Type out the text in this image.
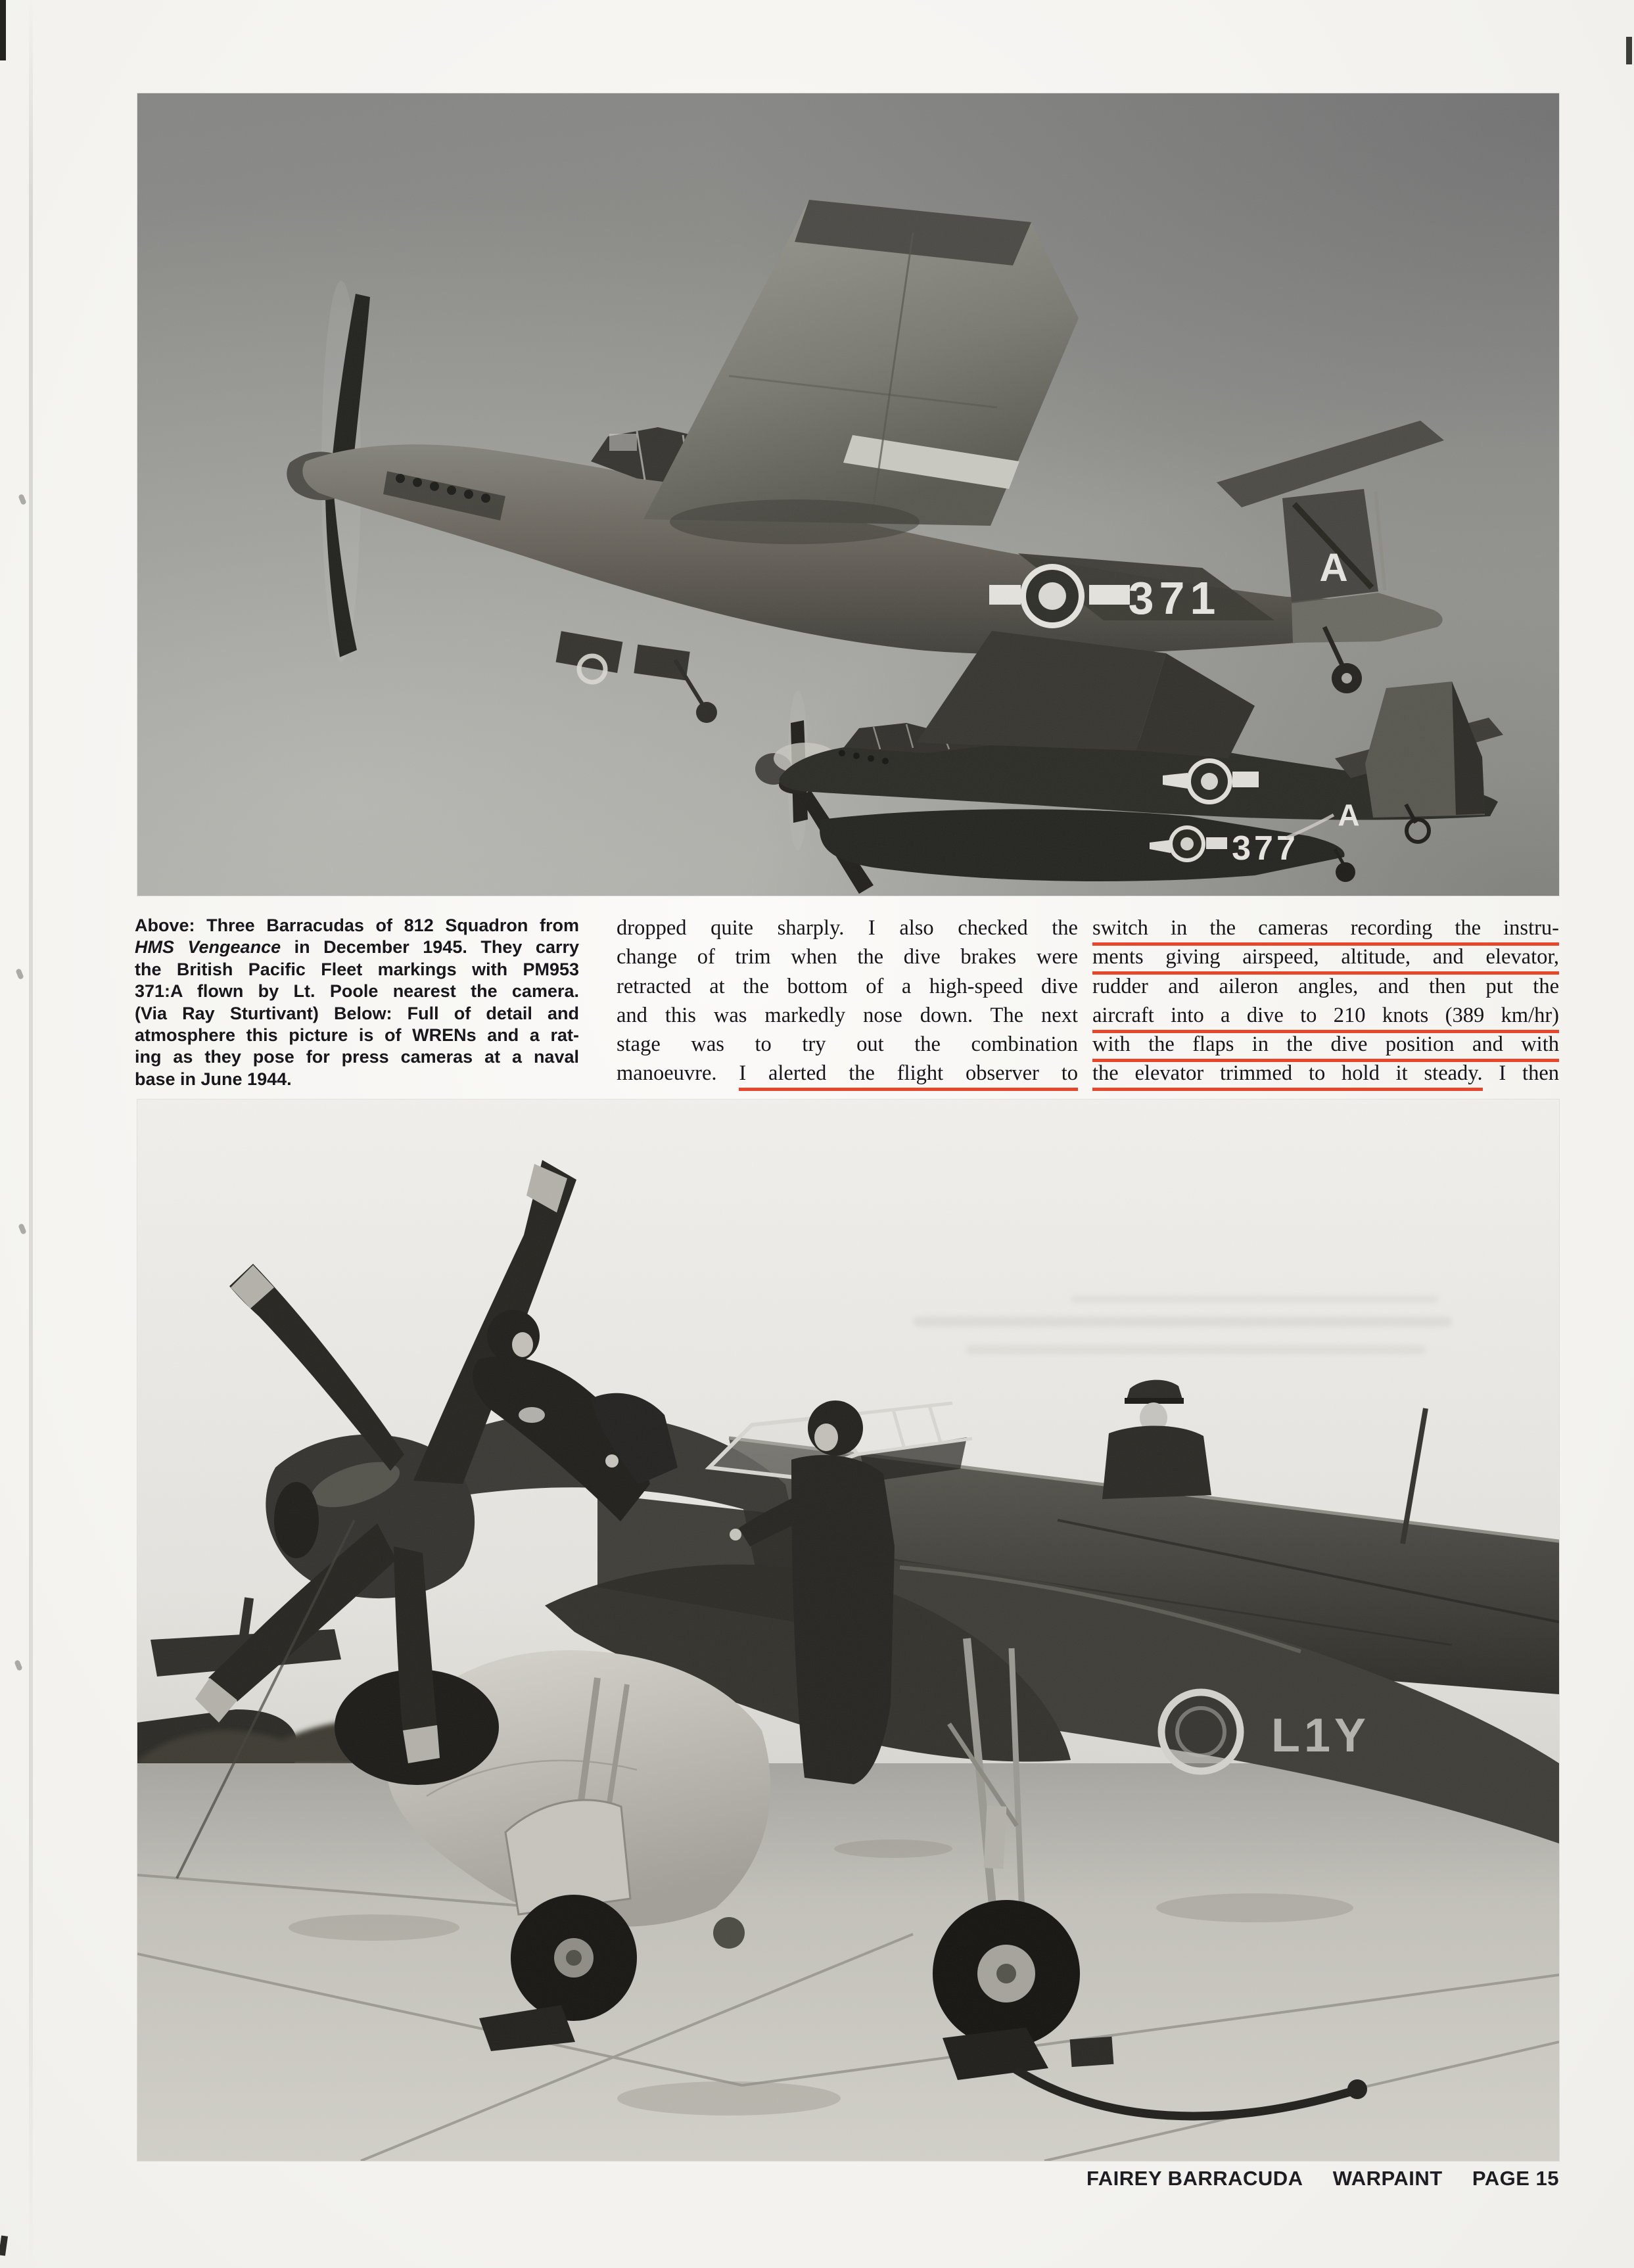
A
371
A
377
Above: Three Barracudas of 812 Squadron from
HMS Vengeance in December 1945. They carry
the British Pacific Fleet markings with PM953
371:A flown by Lt. Poole nearest the camera.
(Via Ray Sturtivant) Below: Full of detail and
atmosphere this picture is of WRENs and a rat-
ing as they pose for press cameras at a naval
base in June 1944.
dropped quite sharply. I also checked the
change of trim when the dive brakes were
retracted at the bottom of a high-speed dive
and this was markedly nose down. The next
stage was to try out the combination
manoeuvre. I alerted the flight observer to
switch in the cameras recording the instru-
ments giving airspeed, altitude, and elevator,
rudder and aileron angles, and then put the
aircraft into a dive to 210 knots (389 km/hr)
with the flaps in the dive position and with
the elevator trimmed to hold it steady. I then
L1Y
FAIREY BARRACUDA WARPAINT PAGE 15
